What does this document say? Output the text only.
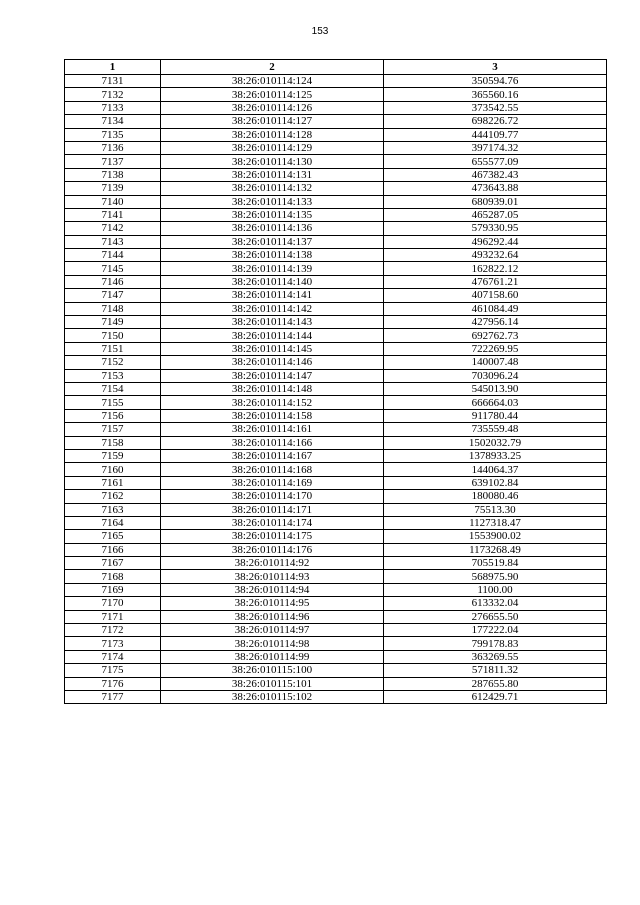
153
1	2	3
7131	38:26:010114:124	350594.76
7132	38:26:010114:125	365560.16
7133	38:26:010114:126	373542.55
7134	38:26:010114:127	698226.72
7135	38:26:010114:128	444109.77
7136	38:26:010114:129	397174.32
7137	38:26:010114:130	655577.09
7138	38:26:010114:131	467382.43
7139	38:26:010114:132	473643.88
7140	38:26:010114:133	680939.01
7141	38:26:010114:135	465287.05
7142	38:26:010114:136	579330.95
7143	38:26:010114:137	496292.44
7144	38:26:010114:138	493232.64
7145	38:26:010114:139	162822.12
7146	38:26:010114:140	476761.21
7147	38:26:010114:141	407158.60
7148	38:26:010114:142	461084.49
7149	38:26:010114:143	427956.14
7150	38:26:010114:144	692762.73
7151	38:26:010114:145	722269.95
7152	38:26:010114:146	140007.48
7153	38:26:010114:147	703096.24
7154	38:26:010114:148	545013.90
7155	38:26:010114:152	666664.03
7156	38:26:010114:158	911780.44
7157	38:26:010114:161	735559.48
7158	38:26:010114:166	1502032.79
7159	38:26:010114:167	1378933.25
7160	38:26:010114:168	144064.37
7161	38:26:010114:169	639102.84
7162	38:26:010114:170	180080.46
7163	38:26:010114:171	75513.30
7164	38:26:010114:174	1127318.47
7165	38:26:010114:175	1553900.02
7166	38:26:010114:176	1173268.49
7167	38:26:010114:92	705519.84
7168	38:26:010114:93	568975.90
7169	38:26:010114:94	1100.00
7170	38:26:010114:95	613332.04
7171	38:26:010114:96	276655.50
7172	38:26:010114:97	177222.04
7173	38:26:010114:98	799178.83
7174	38:26:010114:99	363269.55
7175	38:26:010115:100	571811.32
7176	38:26:010115:101	287655.80
7177	38:26:010115:102	612429.71
